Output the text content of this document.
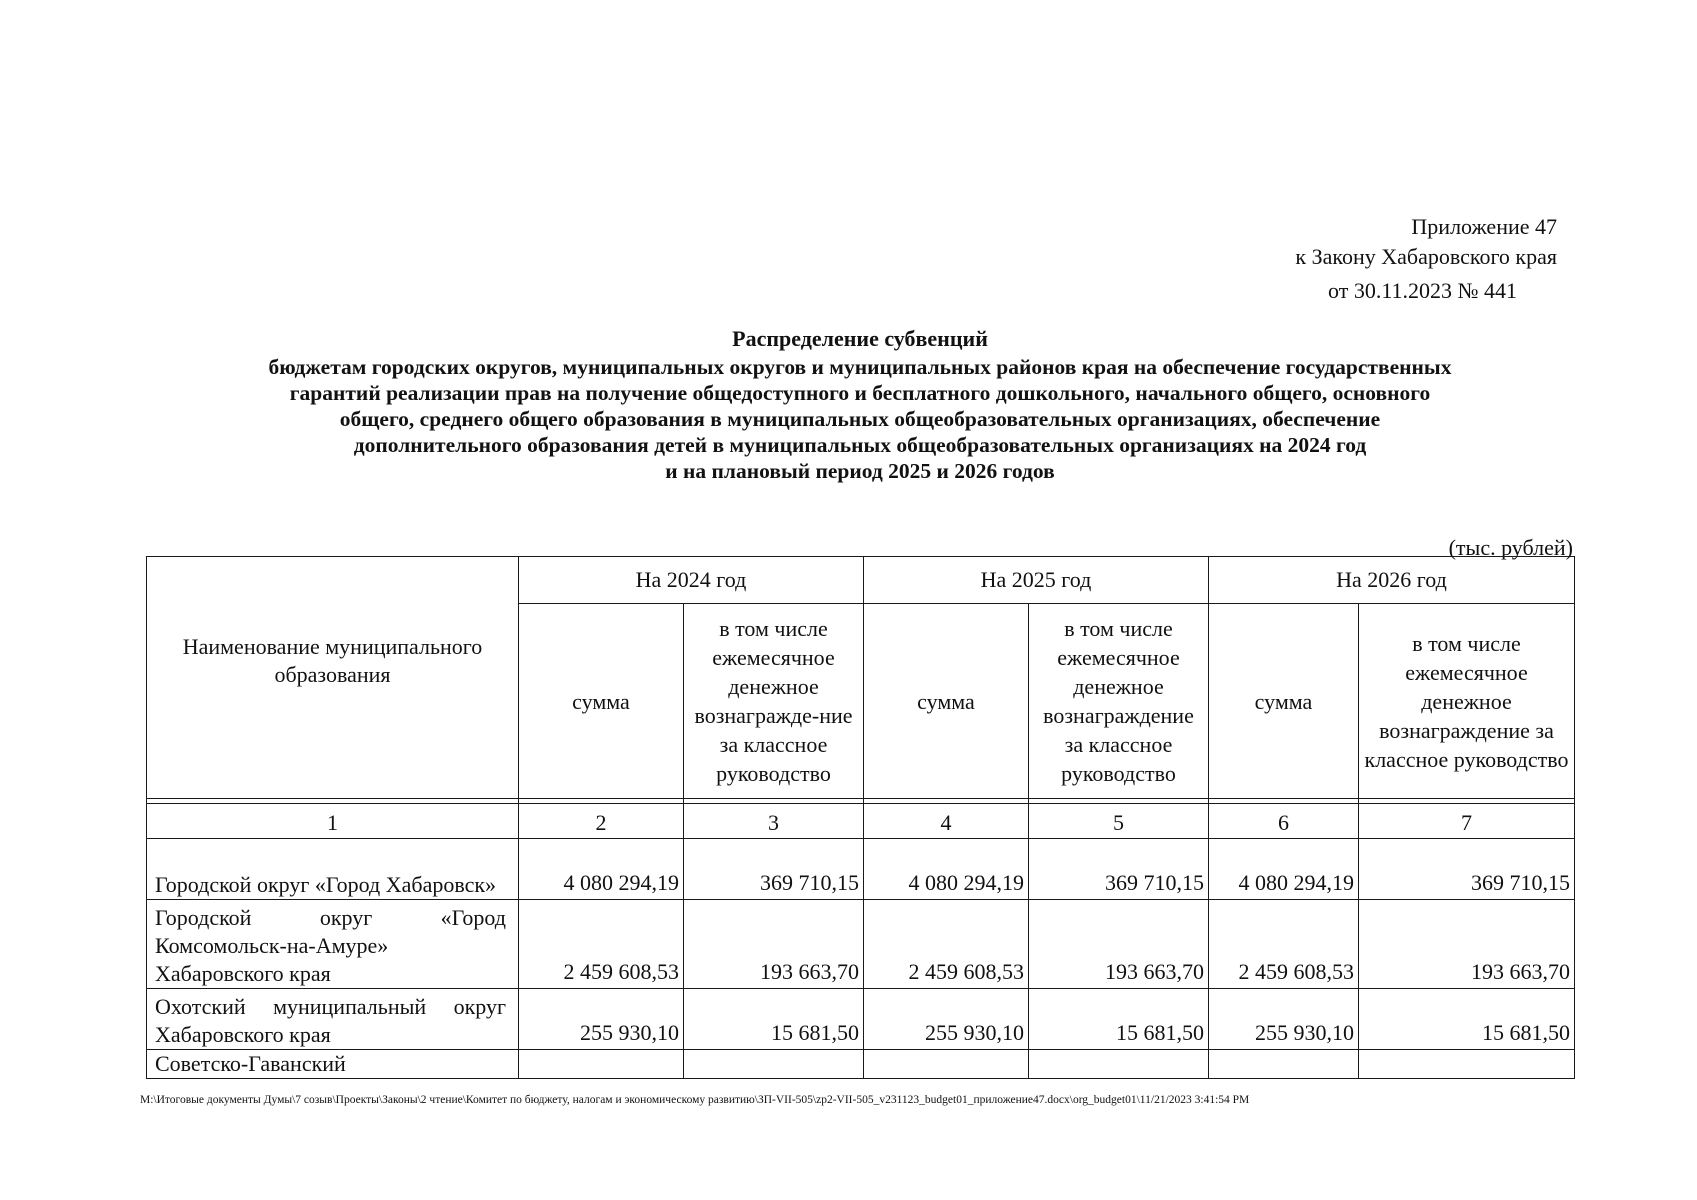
Приложение 47
к Закону Хабаровского края
от 30.11.2023 № 441
Распределение субвенций
бюджетам городских округов, муниципальных округов и муниципальных районов края на обеспечение государственных
гарантий реализации прав на получение общедоступного и бесплатного дошкольного, начального общего, основного
общего, среднего общего образования в муниципальных общеобразовательных организациях, обеспечение
дополнительного образования детей в муниципальных общеобразовательных организациях на 2024 год
и на плановый период 2025 и 2026 годов
(тыс. рублей)
Наименование муниципального образования	На 2024 год		На 2025 год		На 2026 год	
	сумма	в том числе ежемесячное денежное вознагражде-ние за классное руководство	сумма	в том числе ежемесячное денежное вознаграждение за классное руководство	сумма	в том числе ежемесячное денежное вознаграждение за классное руководство

1	2	3	4	5	6	7
Городской округ «Город Хабаровск»	4 080 294,19	369 710,15	4 080 294,19	369 710,15	4 080 294,19	369 710,15
Городской округ «Город Комсомольск-на-Амуре» Хабаровского края	2 459 608,53	193 663,70	2 459 608,53	193 663,70	2 459 608,53	193 663,70
Охотский муниципальный округ Хабаровского края	255 930,10	15 681,50	255 930,10	15 681,50	255 930,10	15 681,50
Советско-Гаванский						
M:\Итоговые документы Думы\7 созыв\Проекты\Законы\2 чтение\Комитет по бюджету, налогам и экономическому развитию\ЗП-VII-505\zp2-VII-505_v231123_budget01_приложение47.docx\org_budget01\11/21/2023 3:41:54 PM
